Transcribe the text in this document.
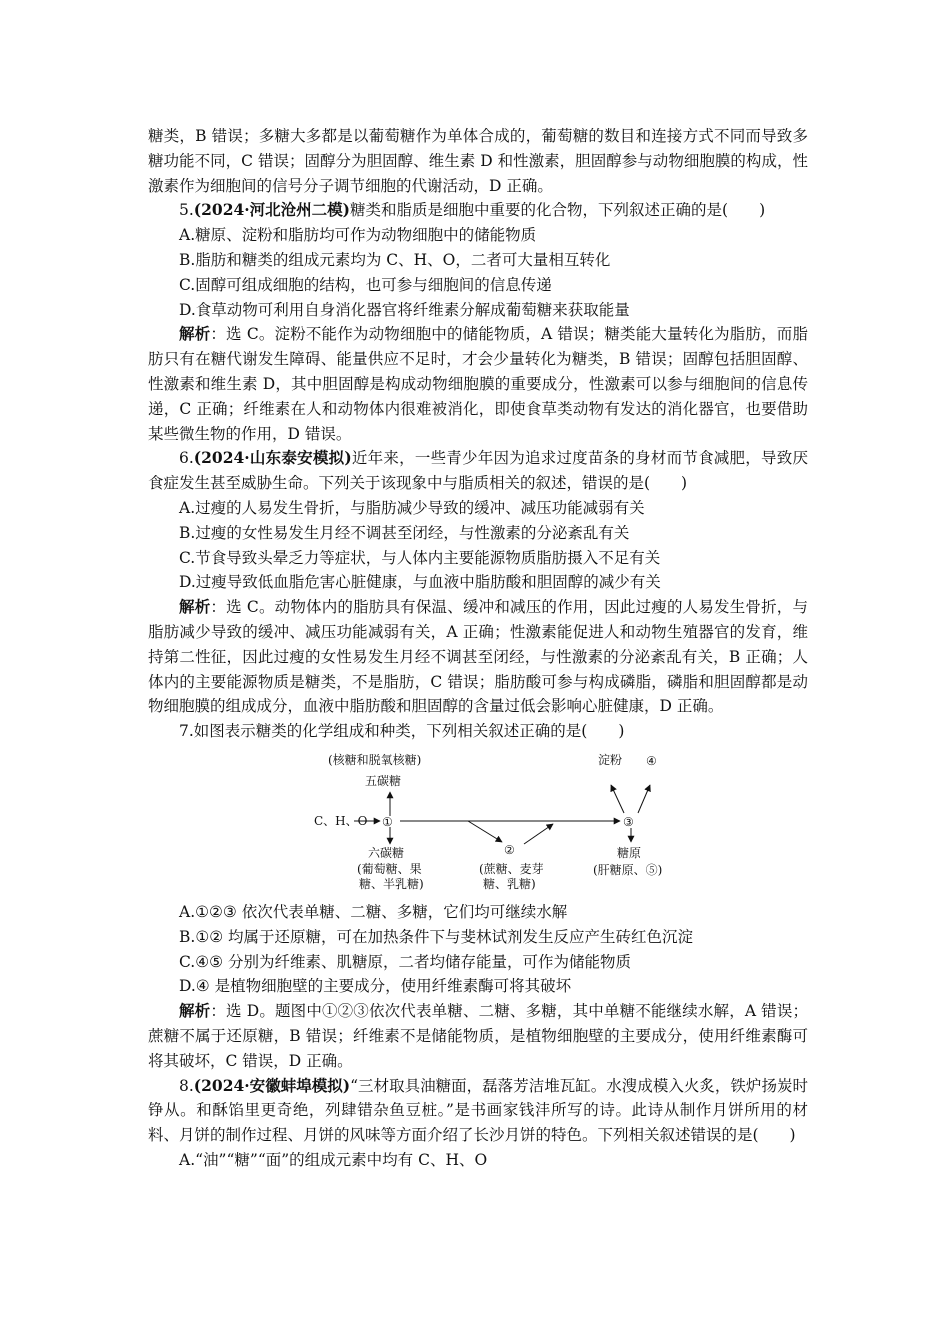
糖类，B 错误；多糖大多都是以葡萄糖作为单体合成的，葡萄糖的数目和连接方式不同而导致多糖功能不同，C 错误；固醇分为胆固醇、维生素 D 和性激素，胆固醇参与动物细胞膜的构成，性激素作为细胞间的信号分子调节细胞的代谢活动，D 正确。

5.(2024·河北沧州二模)糖类和脂质是细胞中重要的化合物，下列叙述正确的是(　　)

A.糖原、淀粉和脂肪均可作为动物细胞中的储能物质

B.脂肪和糖类的组成元素均为 C、H、O，二者可大量相互转化

C.固醇可组成细胞的结构，也可参与细胞间的信息传递

D.食草动物可利用自身消化器官将纤维素分解成葡萄糖来获取能量

解析：选 C。淀粉不能作为动物细胞中的储能物质，A 错误；糖类能大量转化为脂肪，而脂肪只有在糖代谢发生障碍、能量供应不足时，才会少量转化为糖类，B 错误；固醇包括胆固醇、性激素和维生素 D，其中胆固醇是构成动物细胞膜的重要成分，性激素可以参与细胞间的信息传递，C 正确；纤维素在人和动物体内很难被消化，即使食草类动物有发达的消化器官，也要借助某些微生物的作用，D 错误。

6.(2024·山东泰安模拟)近年来，一些青少年因为追求过度苗条的身材而节食减肥，导致厌食症发生甚至威胁生命。下列关于该现象中与脂质相关的叙述，错误的是(　　)

A.过瘦的人易发生骨折，与脂肪减少导致的缓冲、减压功能减弱有关

B.过瘦的女性易发生月经不调甚至闭经，与性激素的分泌紊乱有关

C.节食导致头晕乏力等症状，与人体内主要能源物质脂肪摄入不足有关

D.过瘦导致低血脂危害心脏健康，与血液中脂肪酸和胆固醇的减少有关

解析：选 C。动物体内的脂肪具有保温、缓冲和减压的作用，因此过瘦的人易发生骨折，与脂肪减少导致的缓冲、减压功能减弱有关，A 正确；性激素能促进人和动物生殖器官的发育，维持第二性征，因此过瘦的女性易发生月经不调甚至闭经，与性激素的分泌紊乱有关，B 正确；人体内的主要能源物质是糖类，不是脂肪，C 错误；脂肪酸可参与构成磷脂，磷脂和胆固醇都是动物细胞膜的组成成分，血液中脂肪酸和胆固醇的含量过低会影响心脏健康，D 正确。

7.如图表示糖类的化学组成和种类，下列相关叙述正确的是(　　)

(核糖和脱氧核糖)
五碳糖
C、H、O ①
六碳糖
(葡萄糖、果
糖、半乳糖)
②
(蔗糖、麦芽
糖、乳糖)
③
淀粉 ④
糖原
(肝糖原、⑤)

A.①②③ 依次代表单糖、二糖、多糖，它们均可继续水解

B.①② 均属于还原糖，可在加热条件下与斐林试剂发生反应产生砖红色沉淀

C.④⑤ 分别为纤维素、肌糖原，二者均储存能量，可作为储能物质

D.④ 是植物细胞壁的主要成分，使用纤维素酶可将其破坏

解析：选 D。题图中①②③依次代表单糖、二糖、多糖，其中单糖不能继续水解，A 错误；蔗糖不属于还原糖，B 错误；纤维素不是储能物质，是植物细胞壁的主要成分，使用纤维素酶可将其破坏，C 错误，D 正确。

8.(2024·安徽蚌埠模拟)“三材取具油糖面，磊落芳洁堆瓦缸。水溲成模入火炙，铁炉扬炭时铮从。和酥馅里更奇绝，列肆错杂鱼豆桩。”是书画家钱沣所写的诗。此诗从制作月饼所用的材料、月饼的制作过程、月饼的风味等方面介绍了长沙月饼的特色。下列相关叙述错误的是(　　)

A.“油”“糖”“面”的组成元素中均有 C、H、O
